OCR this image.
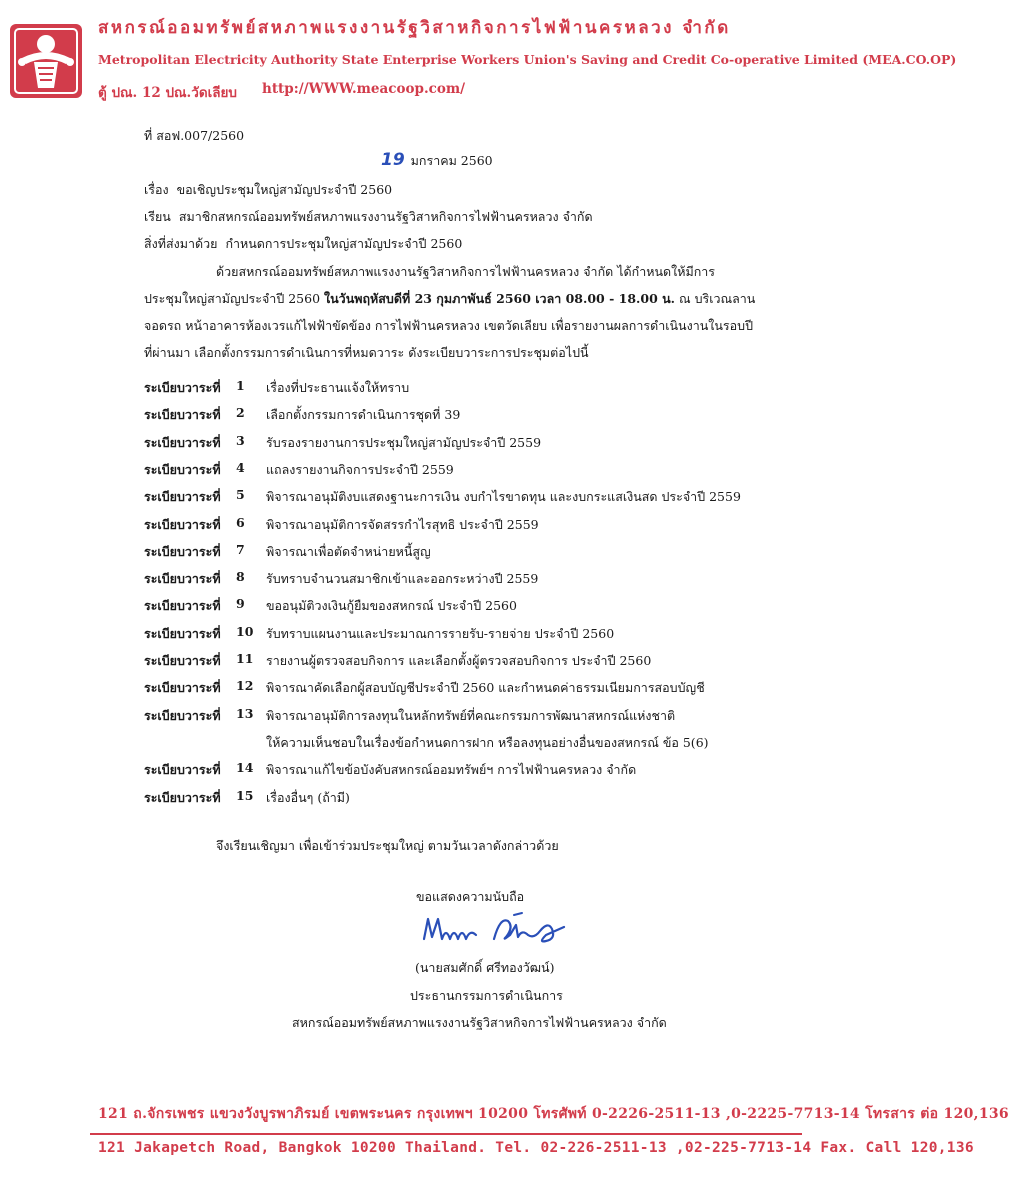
สหกรณ์ออมทรัพย์สหภาพแรงงานรัฐวิสาหกิจการไฟฟ้านครหลวง จำกัด
Metropolitan Electricity Authority State Enterprise Workers Union's Saving and Credit Co-operative Limited (MEA.CO.OP)
ตู้ ปณ. 12 ปณ.วัดเลียบ http://WWW.meacoop.com/
ที่ สอฟ.007/2560
19 มกราคม 2560
เรื่อง ขอเชิญประชุมใหญ่สามัญประจำปี 2560
เรียน สมาชิกสหกรณ์ออมทรัพย์สหภาพแรงงานรัฐวิสาหกิจการไฟฟ้านครหลวง จำกัด
สิ่งที่ส่งมาด้วย กำหนดการประชุมใหญ่สามัญประจำปี 2560
ด้วยสหกรณ์ออมทรัพย์สหภาพแรงงานรัฐวิสาหกิจการไฟฟ้านครหลวง จำกัด ได้กำหนดให้มีการ
ประชุมใหญ่สามัญประจำปี 2560 ในวันพฤหัสบดีที่ 23 กุมภาพันธ์ 2560 เวลา 08.00 - 18.00 น. ณ บริเวณลาน
จอดรถ หน้าอาคารห้องเวรแก้ไฟฟ้าขัดข้อง การไฟฟ้านครหลวง เขตวัดเลียบ เพื่อรายงานผลการดำเนินงานในรอบปี
ที่ผ่านมา เลือกตั้งกรรมการดำเนินการที่หมดวาระ ดังระเบียบวาระการประชุมต่อไปนี้
ระเบียบวาระที่ 1 เรื่องที่ประธานแจ้งให้ทราบ
ระเบียบวาระที่ 2 เลือกตั้งกรรมการดำเนินการชุดที่ 39
ระเบียบวาระที่ 3 รับรองรายงานการประชุมใหญ่สามัญประจำปี 2559
ระเบียบวาระที่ 4 แถลงรายงานกิจการประจำปี 2559
ระเบียบวาระที่ 5 พิจารณาอนุมัติงบแสดงฐานะการเงิน งบกำไรขาดทุน และงบกระแสเงินสด ประจำปี 2559
ระเบียบวาระที่ 6 พิจารณาอนุมัติการจัดสรรกำไรสุทธิ ประจำปี 2559
ระเบียบวาระที่ 7 พิจารณาเพื่อตัดจำหน่ายหนี้สูญ
ระเบียบวาระที่ 8 รับทราบจำนวนสมาชิกเข้าและออกระหว่างปี 2559
ระเบียบวาระที่ 9 ขออนุมัติวงเงินกู้ยืมของสหกรณ์ ประจำปี 2560
ระเบียบวาระที่ 10 รับทราบแผนงานและประมาณการรายรับ-รายจ่าย ประจำปี 2560
ระเบียบวาระที่ 11 รายงานผู้ตรวจสอบกิจการ และเลือกตั้งผู้ตรวจสอบกิจการ ประจำปี 2560
ระเบียบวาระที่ 12 พิจารณาคัดเลือกผู้สอบบัญชีประจำปี 2560 และกำหนดค่าธรรมเนียมการสอบบัญชี
ระเบียบวาระที่ 13 พิจารณาอนุมัติการลงทุนในหลักทรัพย์ที่คณะกรรมการพัฒนาสหกรณ์แห่งชาติ
ให้ความเห็นชอบในเรื่องข้อกำหนดการฝาก หรือลงทุนอย่างอื่นของสหกรณ์ ข้อ 5(6)
ระเบียบวาระที่ 14 พิจารณาแก้ไขข้อบังคับสหกรณ์ออมทรัพย์ฯ การไฟฟ้านครหลวง จำกัด
ระเบียบวาระที่ 15 เรื่องอื่นๆ (ถ้ามี)
จึงเรียนเชิญมา เพื่อเข้าร่วมประชุมใหญ่ ตามวันเวลาดังกล่าวด้วย
ขอแสดงความนับถือ
(นายสมศักดิ์ ศรีทองวัฒน์)
ประธานกรรมการดำเนินการ
สหกรณ์ออมทรัพย์สหภาพแรงงานรัฐวิสาหกิจการไฟฟ้านครหลวง จำกัด
121 ถ.จักรเพชร แขวงวังบูรพาภิรมย์ เขตพระนคร กรุงเทพฯ 10200 โทรศัพท์ 0-2226-2511-13 ,0-2225-7713-14 โทรสาร ต่อ 120,136
121 Jakapetch Road, Bangkok 10200 Thailand. Tel. 02-226-2511-13 ,02-225-7713-14 Fax. Call 120,136
